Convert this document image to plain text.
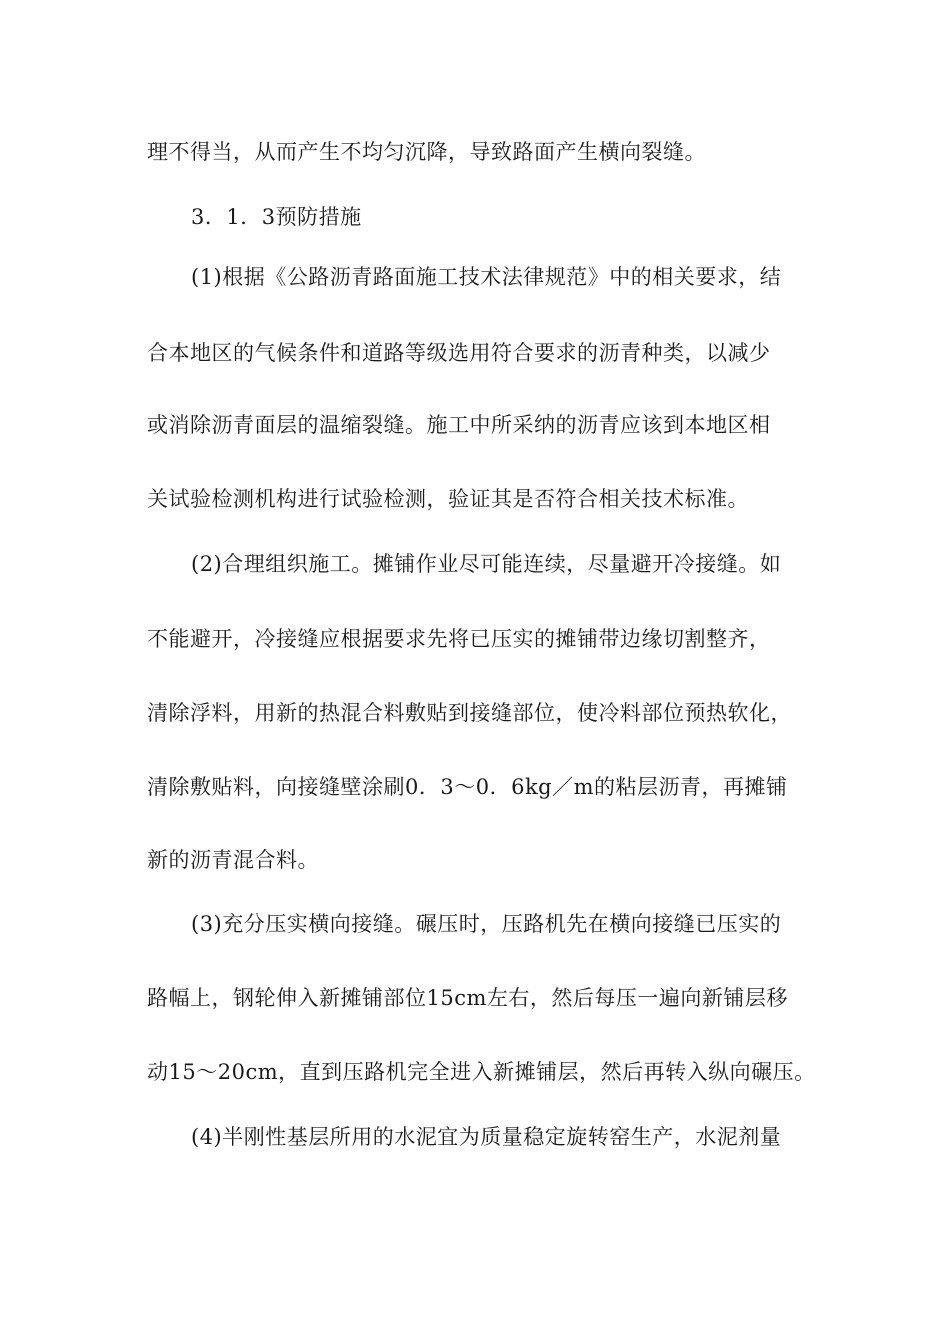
理不得当，从而产生不均匀沉降，导致路面产生横向裂缝。
3．1．3预防措施
(1)根据《公路沥青路面施工技术法律规范》中的相关要求，结
合本地区的气候条件和道路等级选用符合要求的沥青种类，以减少
或消除沥青面层的温缩裂缝。施工中所采纳的沥青应该到本地区相
关试验检测机构进行试验检测，验证其是否符合相关技术标准。
(2)合理组织施工。摊铺作业尽可能连续，尽量避开冷接缝。如
不能避开，冷接缝应根据要求先将已压实的摊铺带边缘切割整齐，
清除浮料，用新的热混合料敷贴到接缝部位，使冷料部位预热软化，
清除敷贴料，向接缝壁涂刷0．3～0．6kg／m的粘层沥青，再摊铺
新的沥青混合料。
(3)充分压实横向接缝。碾压时，压路机先在横向接缝已压实的
路幅上，钢轮伸入新摊铺部位15cm左右，然后每压一遍向新铺层移
动15～20cm，直到压路机完全进入新摊铺层，然后再转入纵向碾压。
(4)半刚性基层所用的水泥宜为质量稳定旋转窑生产，水泥剂量
